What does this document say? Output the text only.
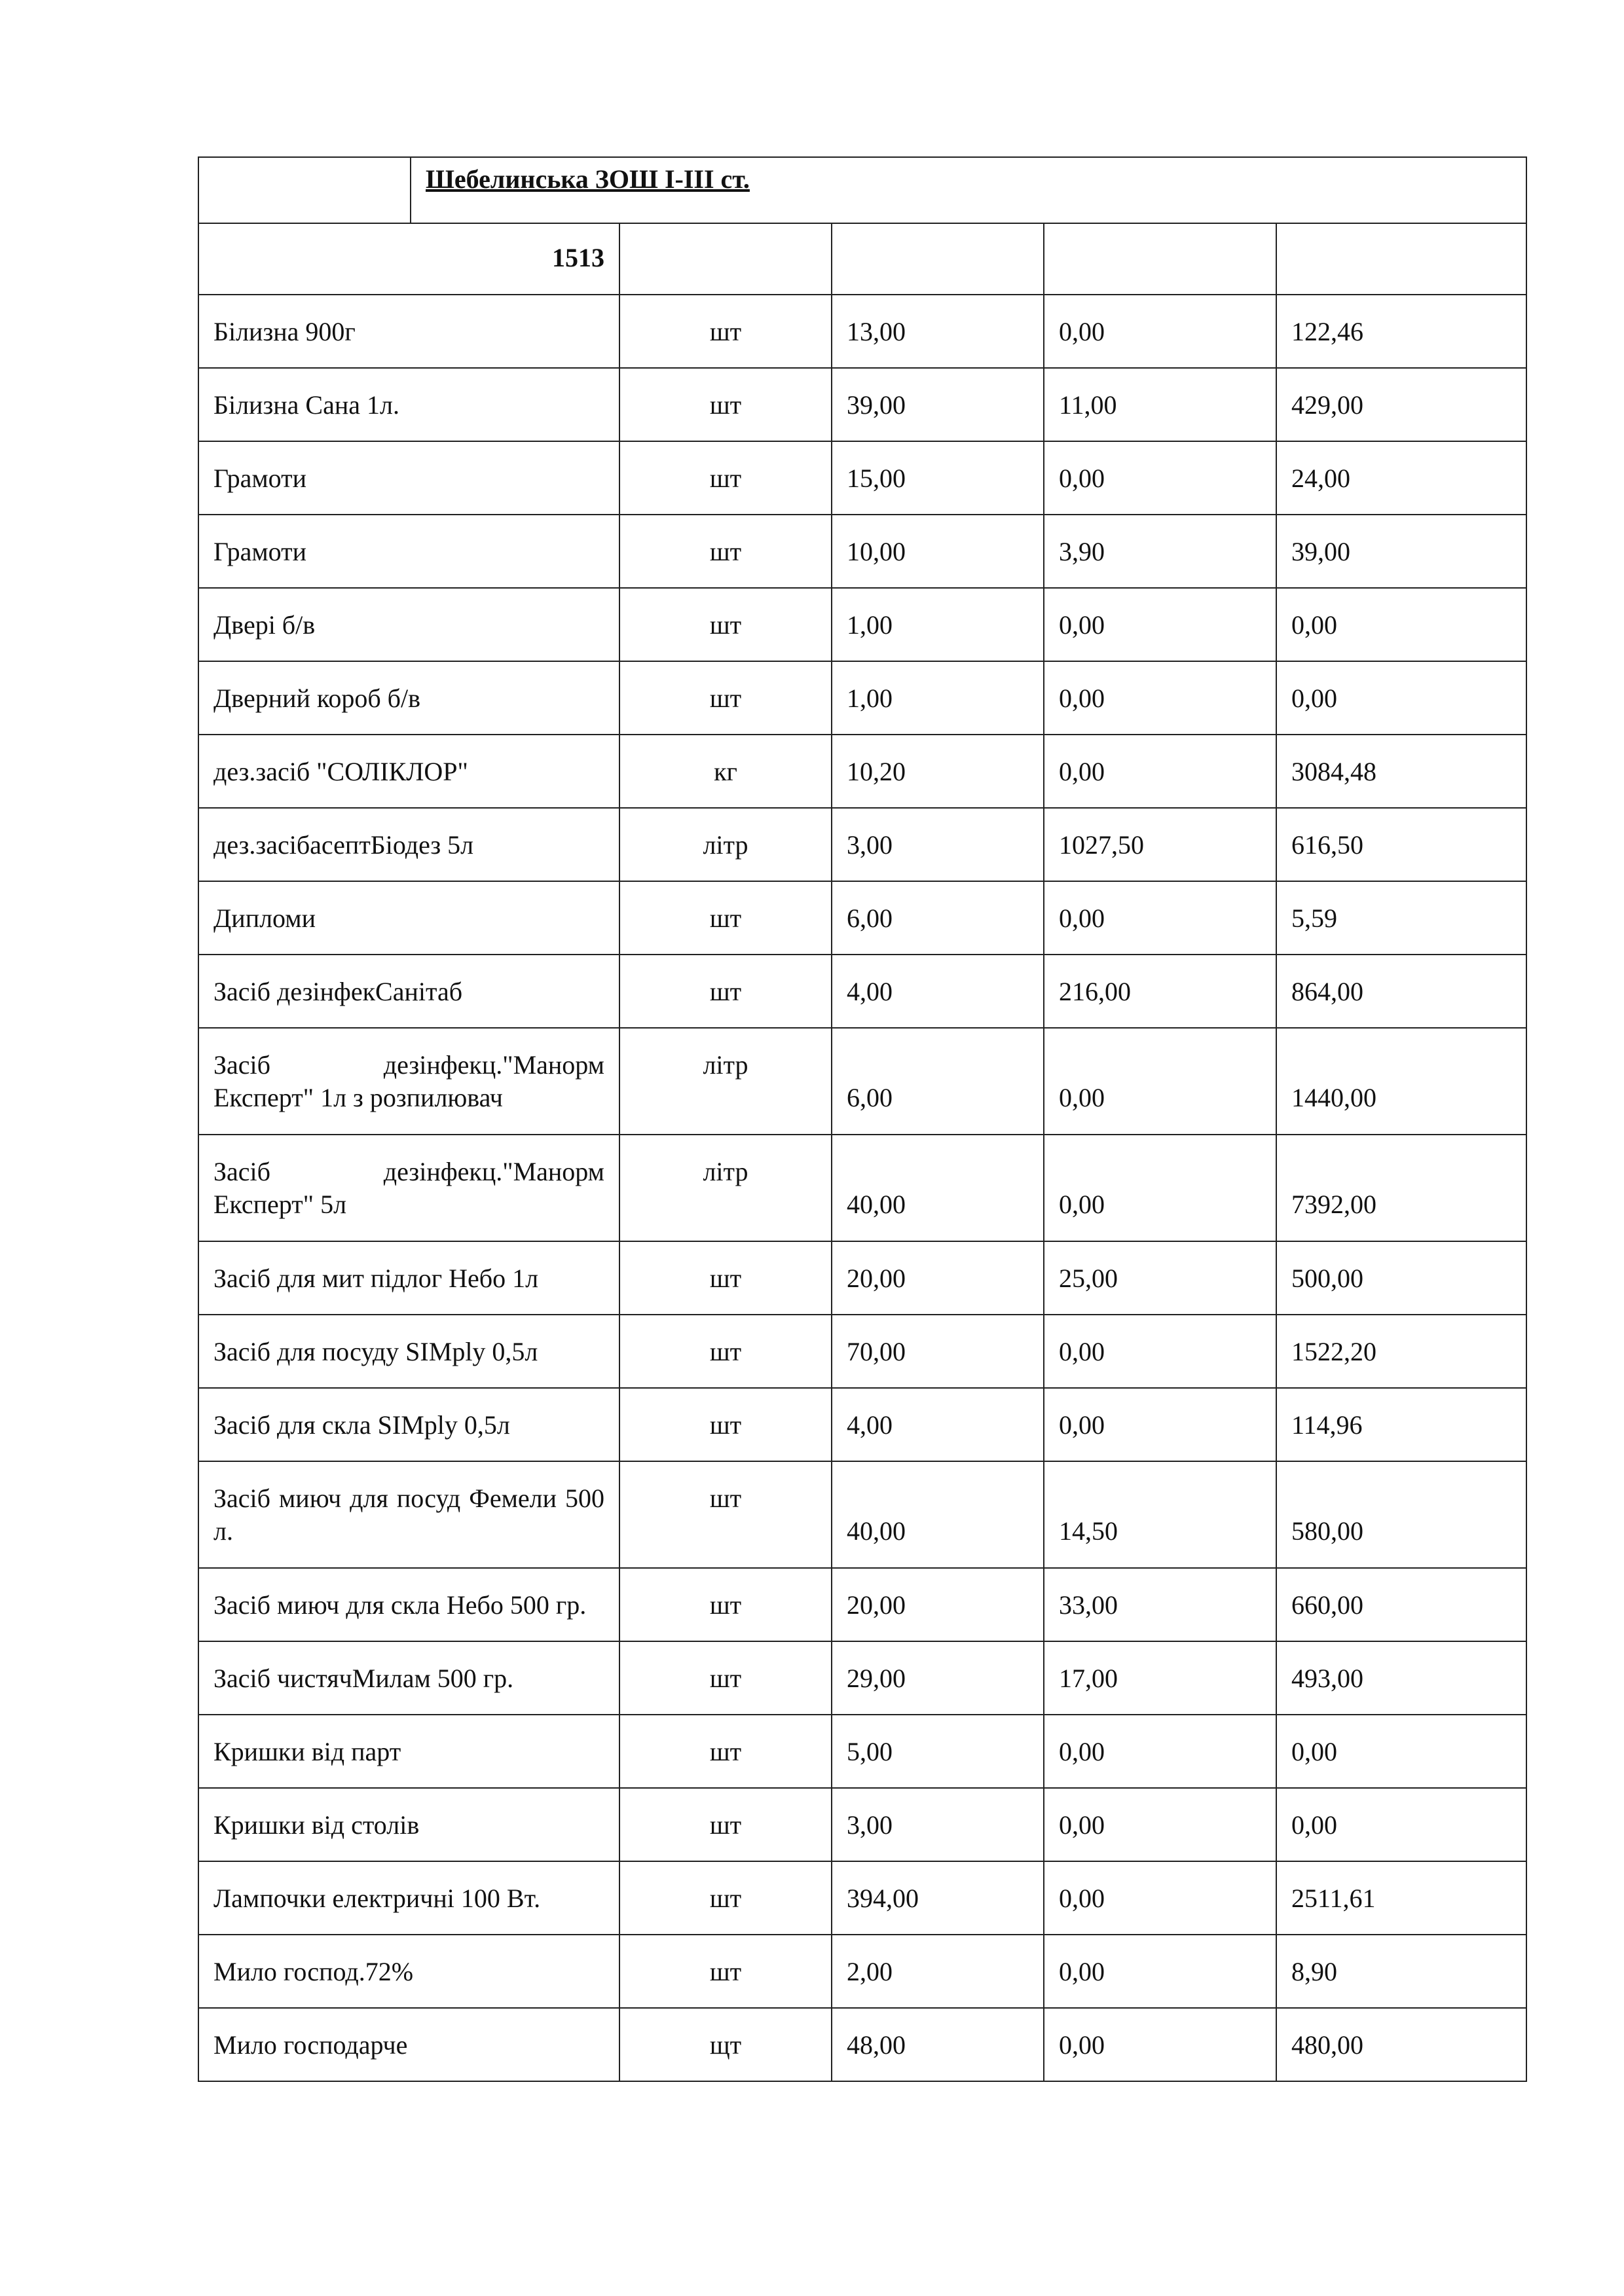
	Шебелинська ЗОШ І-ІІІ ст.				
1513					
Білизна 900г		шт	13,00	0,00	122,46
Білизна Сана 1л.		шт	39,00	11,00	429,00
Грамоти		шт	15,00	0,00	24,00
Грамоти		шт	10,00	3,90	39,00
Двері б/в		шт	1,00	0,00	0,00
Дверний короб б/в		шт	1,00	0,00	0,00
дез.засіб "СОЛІКЛОР"		кг	10,20	0,00	3084,48
дез.засібасептБіодез 5л		літр	3,00	1027,50	616,50
Дипломи		шт	6,00	0,00	5,59
Засіб дезінфекСанітаб		шт	4,00	216,00	864,00
Засіб дезінфекц."Манорм Експерт" 1л з розпилювач		літр	6,00	0,00	1440,00
Засіб дезінфекц."Манорм Експерт" 5л		літр	40,00	0,00	7392,00
Засіб для мит підлог Небо 1л		шт	20,00	25,00	500,00
Засіб для посуду SIMply 0,5л		шт	70,00	0,00	1522,20
Засіб для скла SIMply 0,5л		шт	4,00	0,00	114,96
Засіб миюч для посуд Фемели 500 л.		шт	40,00	14,50	580,00
Засіб миюч для скла Небо 500 гр.		шт	20,00	33,00	660,00
Засіб чистячМилам 500 гр.		шт	29,00	17,00	493,00
Кришки від парт		шт	5,00	0,00	0,00
Кришки від столів		шт	3,00	0,00	0,00
Лампочки електричні 100 Вт.		шт	394,00	0,00	2511,61
Мило господ.72%		шт	2,00	0,00	8,90
Мило господарче		щт	48,00	0,00	480,00
